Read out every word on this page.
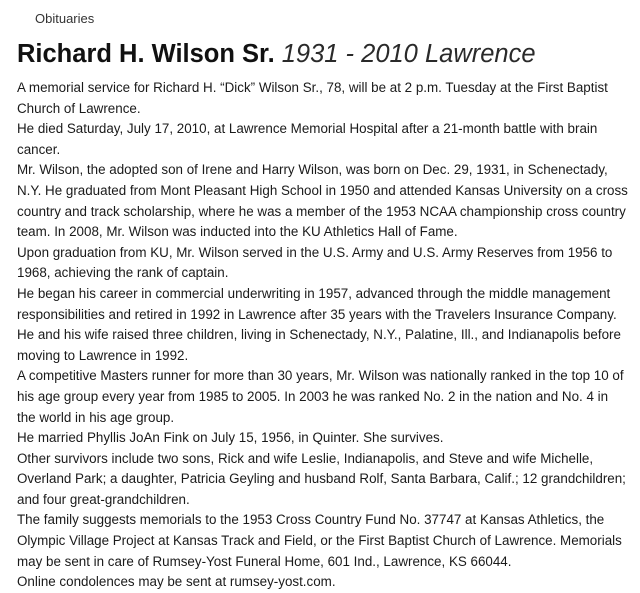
Obituaries
Richard H. Wilson Sr. 1931 - 2010 Lawrence

A memorial service for Richard H. “Dick” Wilson Sr., 78, will be at 2 p.m. Tuesday at the First Baptist Church of Lawrence.

He died Saturday, July 17, 2010, at Lawrence Memorial Hospital after a 21-month battle with brain cancer.

Mr. Wilson, the adopted son of Irene and Harry Wilson, was born on Dec. 29, 1931, in Schenectady, N.Y. He graduated from Mont Pleasant High School in 1950 and attended Kansas University on a cross country and track scholarship, where he was a member of the 1953 NCAA championship cross country team. In 2008, Mr. Wilson was inducted into the KU Athletics Hall of Fame.

Upon graduation from KU, Mr. Wilson served in the U.S. Army and U.S. Army Reserves from 1956 to 1968, achieving the rank of captain.

He began his career in commercial underwriting in 1957, advanced through the middle management responsibilities and retired in 1992 in Lawrence after 35 years with the Travelers Insurance Company.

He and his wife raised three children, living in Schenectady, N.Y., Palatine, Ill., and Indianapolis before moving to Lawrence in 1992.

A competitive Masters runner for more than 30 years, Mr. Wilson was nationally ranked in the top 10 of his age group every year from 1985 to 2005. In 2003 he was ranked No. 2 in the nation and No. 4 in the world in his age group.

He married Phyllis JoAn Fink on July 15, 1956, in Quinter. She survives.

Other survivors include two sons, Rick and wife Leslie, Indianapolis, and Steve and wife Michelle, Overland Park; a daughter, Patricia Geyling and husband Rolf, Santa Barbara, Calif.; 12 grandchildren; and four great-grandchildren.

The family suggests memorials to the 1953 Cross Country Fund No. 37747 at Kansas Athletics, the Olympic Village Project at Kansas Track and Field, or the First Baptist Church of Lawrence. Memorials may be sent in care of Rumsey-Yost Funeral Home, 601 Ind., Lawrence, KS 66044.

Online condolences may be sent at rumsey-yost.com.
